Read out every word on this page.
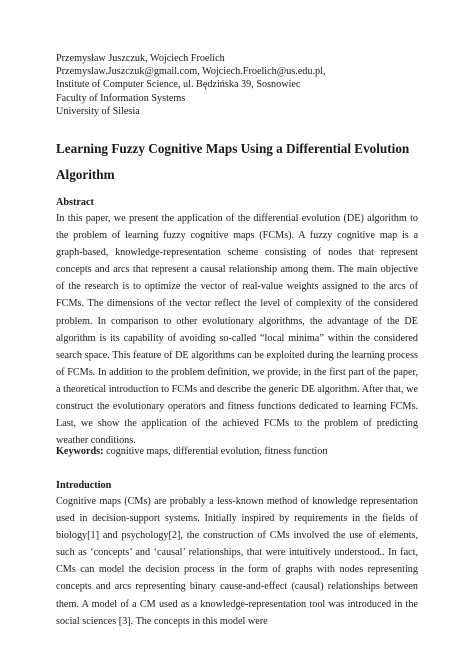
Przemysław Juszczuk, Wojciech Froelich
Przemyslaw.Juszczuk@gmail.com, Wojciech.Froelich@us.edu.pl,
Institute of Computer Science, ul. Będzińska 39, Sosnowiec
Faculty of Information Systems
University of Silesia
Learning Fuzzy Cognitive Maps Using a Differential Evolution Algorithm
Abstract
In this paper, we present the application of the differential evolution (DE) algorithm to the problem of learning fuzzy cognitive maps (FCMs). A fuzzy cognitive map is a graph-based, knowledge-representation scheme consisting of nodes that represent concepts and arcs that represent a causal relationship among them. The main objective of the research is to optimize the vector of real-value weights assigned to the arcs of FCMs. The dimensions of the vector reflect the level of complexity of the considered problem. In comparison to other evolutionary algorithms, the advantage of the DE algorithm is its capability of avoiding so-called “local minima” within the considered search space. This feature of DE algorithms can be exploited during the learning process of FCMs. In addition to the problem definition, we provide, in the first part of the paper, a theoretical introduction to FCMs and describe the generic DE algorithm. After that, we construct the evolutionary operators and fitness functions dedicated to learning FCMs. Last, we show the application of the achieved FCMs to the problem of predicting weather conditions.
Keywords: cognitive maps, differential evolution, fitness function
Introduction
Cognitive maps (CMs) are probably a less-known method of knowledge representation used in decision-support systems. Initially inspired by requirements in the fields of biology[1] and psychology[2], the construction of CMs involved the use of elements, such as ‘concepts’ and ‘causal’ relationships, that were intuitively understood.. In fact, CMs can model the decision process in the form of graphs with nodes representing concepts and arcs representing binary cause-and-effect (causal) relationships between them. A model of a CM used as a knowledge-representation tool was introduced in the social sciences [3]. The concepts in this model were
